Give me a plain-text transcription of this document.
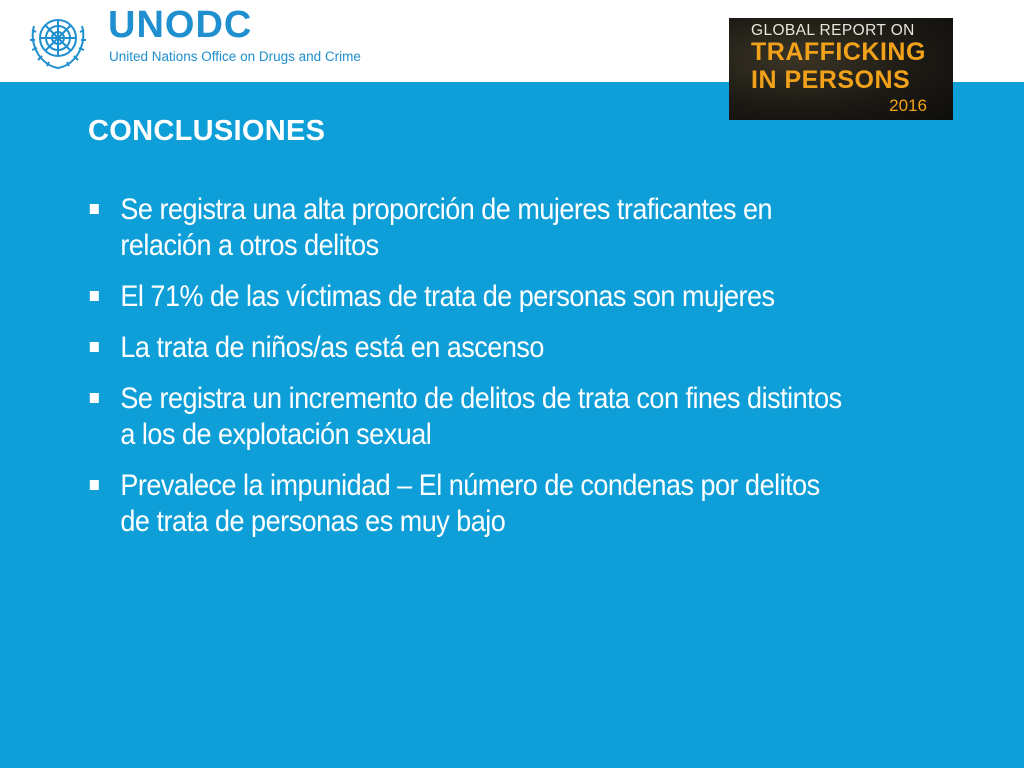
UNODC
United Nations Office on Drugs and Crime
GLOBAL REPORT ON
TRAFFICKING
IN PERSONS
2016
CONCLUSIONES
Se registra una alta proporción de mujeres traficantes en relación a otros delitos
El 71% de las víctimas de trata de personas son mujeres
La trata de niños/as está en ascenso
Se registra un incremento de delitos de trata con fines distintos a los de explotación sexual
Prevalece la impunidad – El número de condenas por delitos de trata de personas es muy bajo
